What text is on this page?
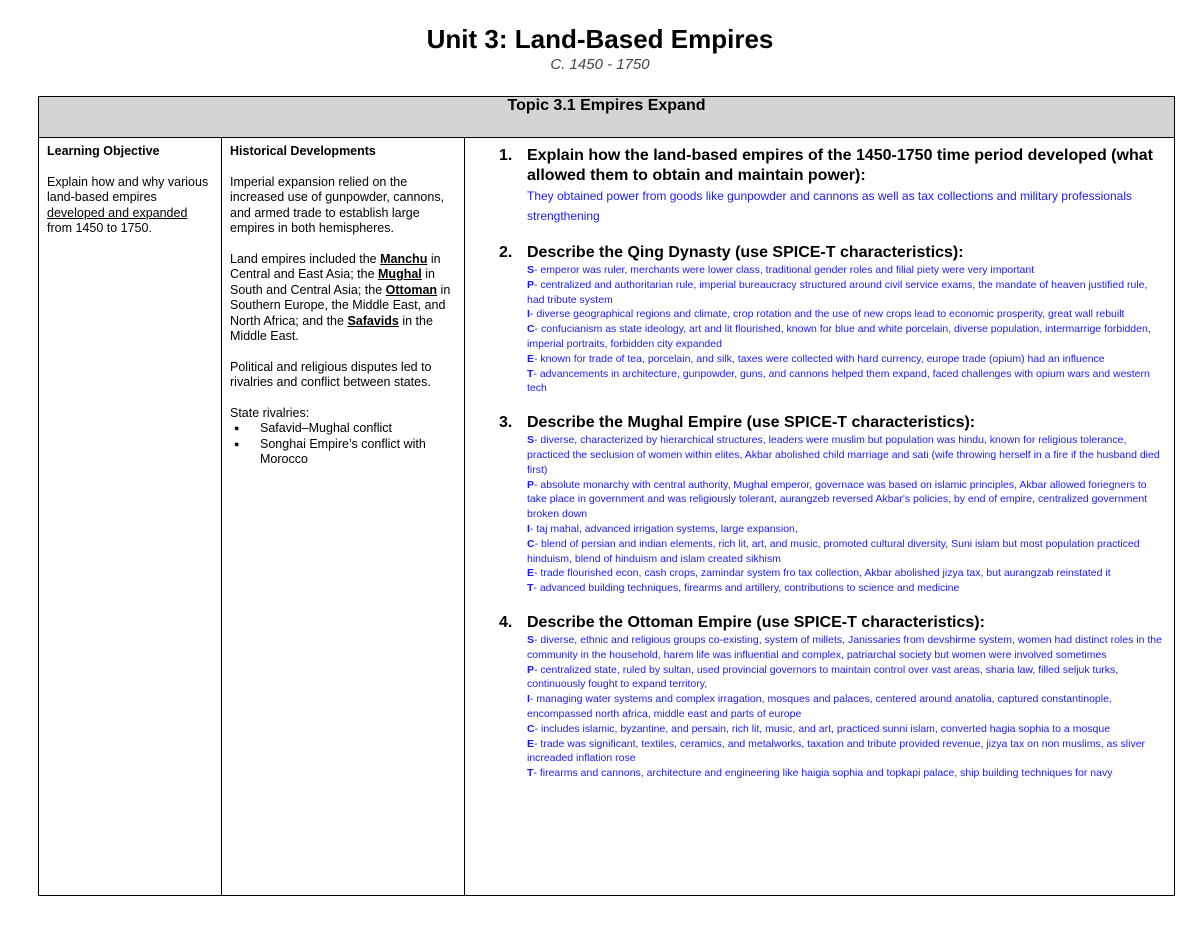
Unit 3: Land-Based Empires
C. 1450 - 1750
Topic 3.1 Empires Expand

Learning Objective

Explain how and why various land-based empires developed and expanded from 1450 to 1750.

Historical Developments

Imperial expansion relied on the increased use of gunpowder, cannons, and armed trade to establish large empires in both hemispheres.

Land empires included the Manchu in Central and East Asia; the Mughal in South and Central Asia; the Ottoman in Southern Europe, the Middle East, and North Africa; and the Safavids in the Middle East.

Political and religious disputes led to rivalries and conflict between states.

State rivalries:
● Safavid–Mughal conflict
● Songhai Empire’s conflict with Morocco

1. Explain how the land-based empires of the 1450-1750 time period developed (what allowed them to obtain and maintain power):
They obtained power from goods like gunpowder and cannons as well as tax collections and military professionals strengthening
2. Describe the Qing Dynasty (use SPICE-T characteristics):
S- emperor was ruler, merchants were lower class, traditional gender roles and filial piety were very important
P- centralized and authoritarian rule, imperial bureaucracy structured around civil service exams, the mandate of heaven justified rule, had tribute system
I- diverse geographical regions and climate, crop rotation and the use of new crops lead to economic prosperity, great wall rebuilt
C- confucianism as state ideology, art and lit flourished, known for blue and white porcelain, diverse population, intermarrige forbidden, imperial portraits, forbidden city expanded
E- known for trade of tea, porcelain, and silk, taxes were collected with hard currency, europe trade (opium) had an influence
T- advancements in architecture, gunpowder, guns, and cannons helped them expand, faced challenges with opium wars and western tech
3. Describe the Mughal Empire (use SPICE-T characteristics):
S- diverse, characterized by hierarchical structures, leaders were muslim but population was hindu, known for religious tolerance, practiced the seclusion of women within elites, Akbar abolished child marriage and sati (wife throwing herself in a fire if the husband died first)
P- absolute monarchy with central authority, Mughal emperor, governace was based on islamic principles, Akbar allowed foriegners to take place in government and was religiously tolerant, aurangzeb reversed Akbar's policies, by end of empire, centralized government broken down
I- taj mahal, advanced irrigation systems, large expansion,
C- blend of persian and indian elements, rich lit, art, and music, promoted cultural diversity, Suni islam but most population practiced hinduism, blend of hinduism and islam created sikhism
E- trade flourished econ, cash crops, zamindar system fro tax collection, Akbar abolished jizya tax, but aurangzab reinstated it
T- advanced building techniques, firearms and artillery, contributions to science and medicine
4. Describe the Ottoman Empire (use SPICE-T characteristics):
S- diverse, ethnic and religious groups co-existing, system of millets, Janissaries from devshirme system, women had distinct roles in the community in the household, harem life was influential and complex, patriarchal society but women were involved sometimes
P- centralized state, ruled by sultan, used provincial governors to maintain control over vast areas, sharia law, filled seljuk turks, continuously fought to expand territory,
I- managing water systems and complex irragation, mosques and palaces, centered around anatolia, captured constantinople, encompassed north africa, middle east and parts of europe
C- includes islamic, byzantine, and persain, rich lit, music, and art, practiced sunni islam, converted hagia sophia to a mosque
E- trade was significant, textiles, ceramics, and metalworks, taxation and tribute provided revenue, jizya tax on non muslims, as sliver increaded inflation rose
T- firearms and cannons, architecture and engineering like haigia sophia and topkapi palace, ship building techniques for navy
